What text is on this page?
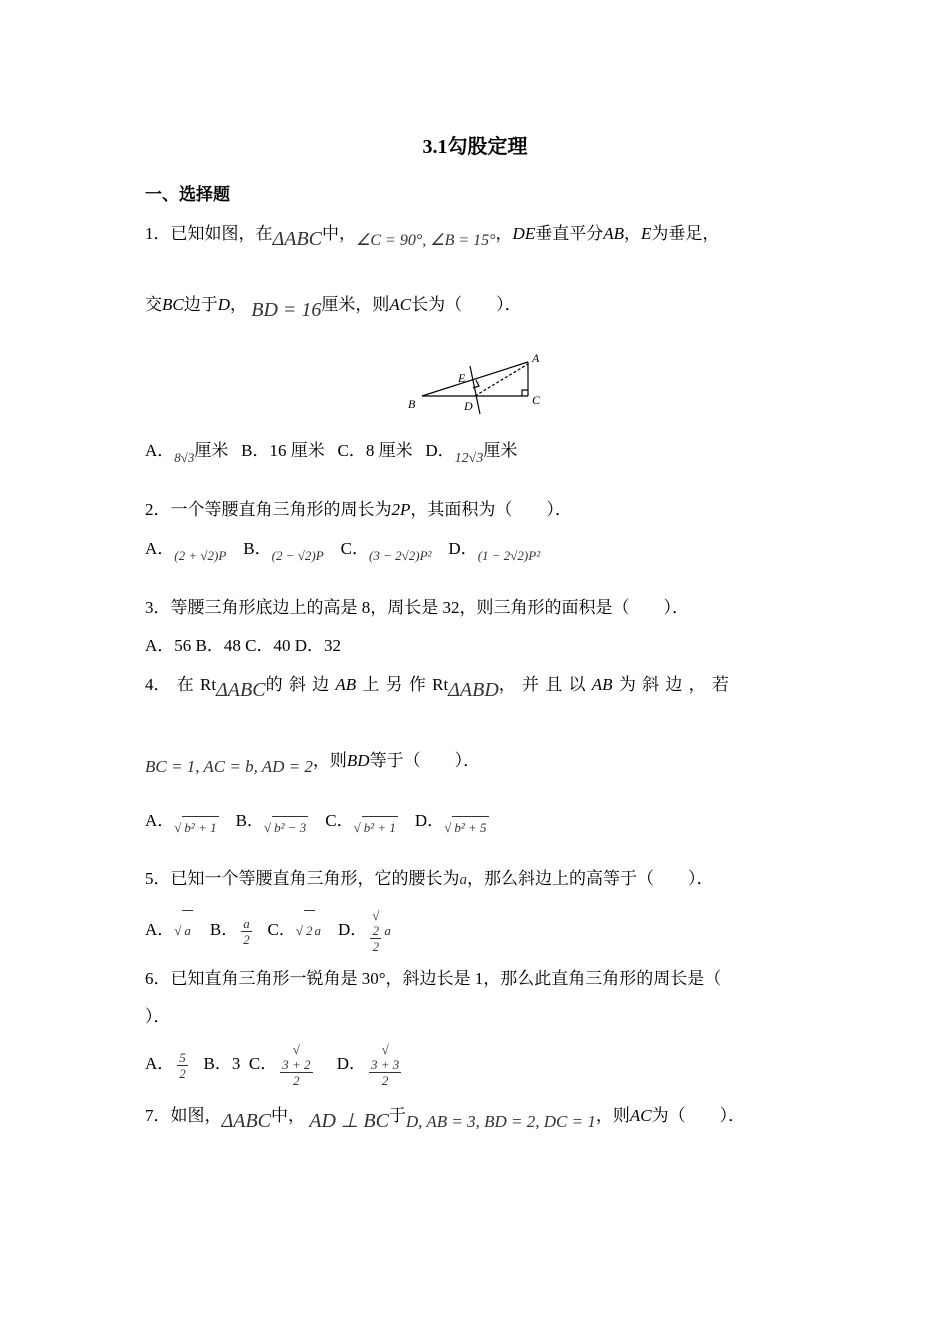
3.1勾股定理
一、选择题
1．已知如图，在ΔABC中，∠C = 90°, ∠B = 15°，DE垂直平分AB，E为垂足，
交BC边于D， BD = 16厘米，则AC长为（　　）．
A
E
B	D	C
A．$_{8√3}$厘米 B．16 厘米 C．8 厘米 D．$_{12√3}$厘米
2．一个等腰直角三角形的周长为2P，其面积为（　　）．
A．$_{(2 + √2)P}$ B．$_{(2 - √2)P}$ C．$_{(3 - 2√2)P^2}$ D．$_{(1 - 2√2)P^2}$
3．等腰三角形底边上的高是 8，周长是 32，则三角形的面积是（　　）．
A．56 B．48 C．40 D．32
4． 在 RtΔABC的 斜 边 AB 上 另 作 RtΔABD， 并 且 以 AB 为 斜 边 ， 若
BC = 1, AC = b, AD = 2，则BD等于（　　）．
A．$_{√ b^2 + 1}$ B．$_{√ b^2 - 3}$ C．$_{√ b^2 + 1}$ D．$_{√ b^2 + 5}$
5．已知一个等腰直角三角形，它的腰长为a，那么斜边上的高等于（　　）．
A．√ a B． $\frac{a}{2}$ C．√ 2 a D． √
2
2 a
6．已知直角三角形一锐角是 30°，斜边长是 1，那么此直角三角形的周长是（
）．
A． $\frac{5}{2}$ B．3 C． √
3 + 2
2 D． √
3 + 3
2
7．如图，ΔABC中， AD ⊥ BC于D, AB = 3, BD = 2, DC = 1，则AC为（　　）．
